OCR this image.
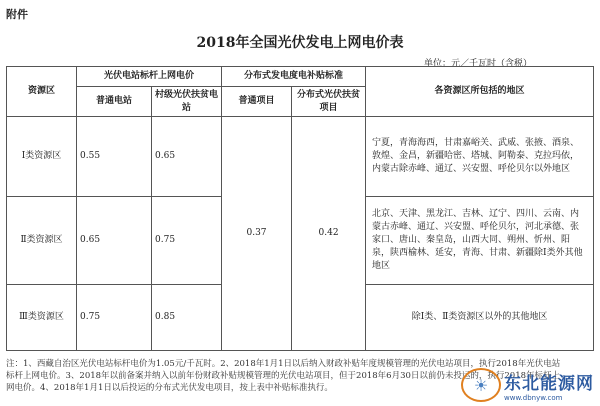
附件
2018年全国光伏发电上网电价表
单位：元／千瓦时（含税）
资源区	光伏电站标杆上网电价		分布式发电度电补贴标准		各资源区所包括的地区
	普通电站	村级光伏扶贫电站	普通项目	分布式光伏扶贫项目	
Ⅰ类资源区	0.55	0.65	0.37	0.42	宁夏，青海海西，甘肃嘉峪关、武威、张掖、酒泉、敦煌、金昌，新疆哈密、塔城、阿勒泰、克拉玛依，内蒙古除赤峰、通辽、兴安盟、呼伦贝尔以外地区
Ⅱ类资源区	0.65	0.75			北京、天津、黑龙江、吉林、辽宁、四川、云南、内蒙古赤峰、通辽、兴安盟、呼伦贝尔，河北承德、张家口、唐山、秦皇岛，山西大同、朔州、忻州、阳泉，陕西榆林、延安，青海、甘肃、新疆除Ⅰ类外其他地区
Ⅲ类资源区	0.75	0.85			除Ⅰ类、Ⅱ类资源区以外的其他地区
注：1、西藏自治区光伏电站标杆电价为1.05元/千瓦时。2、2018年1月1日以后纳入财政补贴年度规模管理的光伏电站项目，执行2018年光伏电站标杆上网电价。3、2018年以前备案并纳入以前年份财政补贴规模管理的光伏电站项目，但于2018年6月30日以前仍未投运的，执行2018年标杆上网电价。4、2018年1月1日以后投运的分布式光伏发电项目，按上表中补贴标准执行。	☀ 东北能源网
www.dbnyw.com
